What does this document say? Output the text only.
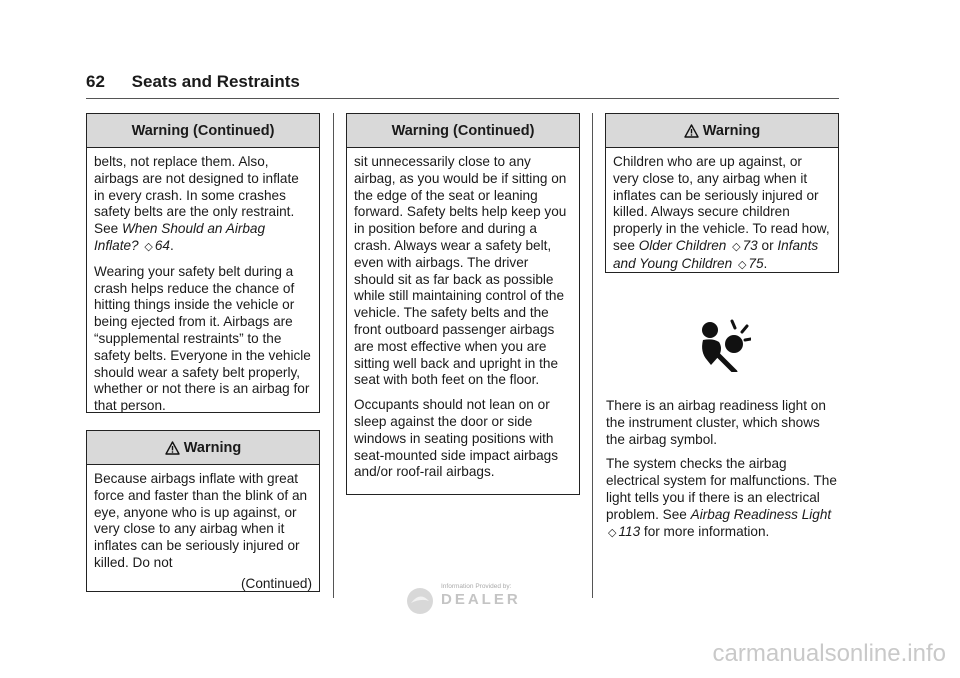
62 Seats and Restraints
Warning (Continued)

belts, not replace them. Also, airbags are not designed to inflate in every crash. In some crashes safety belts are the only restraint. See When Should an Airbag Inflate? ◇ 64.

Wearing your safety belt during a crash helps reduce the chance of hitting things inside the vehicle or being ejected from it. Airbags are “supplemental restraints” to the safety belts. Everyone in the vehicle should wear a safety belt properly, whether or not there is an airbag for that person.

Warning

Because airbags inflate with great force and faster than the blink of an eye, anyone who is up against, or very close to any airbag when it inflates can be seriously injured or killed. Do not

(Continued)
Warning (Continued)

sit unnecessarily close to any airbag, as you would be if sitting on the edge of the seat or leaning forward. Safety belts help keep you in position before and during a crash. Always wear a safety belt, even with airbags. The driver should sit as far back as possible while still maintaining control of the vehicle. The safety belts and the front outboard passenger airbags are most effective when you are sitting well back and upright in the seat with both feet on the floor.

Occupants should not lean on or sleep against the door or side windows in seating positions with seat-mounted side impact airbags and/or roof-rail airbags.

Warning

Children who are up against, or very close to, any airbag when it inflates can be seriously injured or killed. Always secure children properly in the vehicle. To read how, see Older Children ◇ 73 or Infants and Young Children ◇ 75.

There is an airbag readiness light on the instrument cluster, which shows the airbag symbol.

The system checks the airbag electrical system for malfunctions. The light tells you if there is an electrical problem. See Airbag Readiness Light ◇ 113 for more information.

Information Provided by:
DEALER
carmanualsonline.info
